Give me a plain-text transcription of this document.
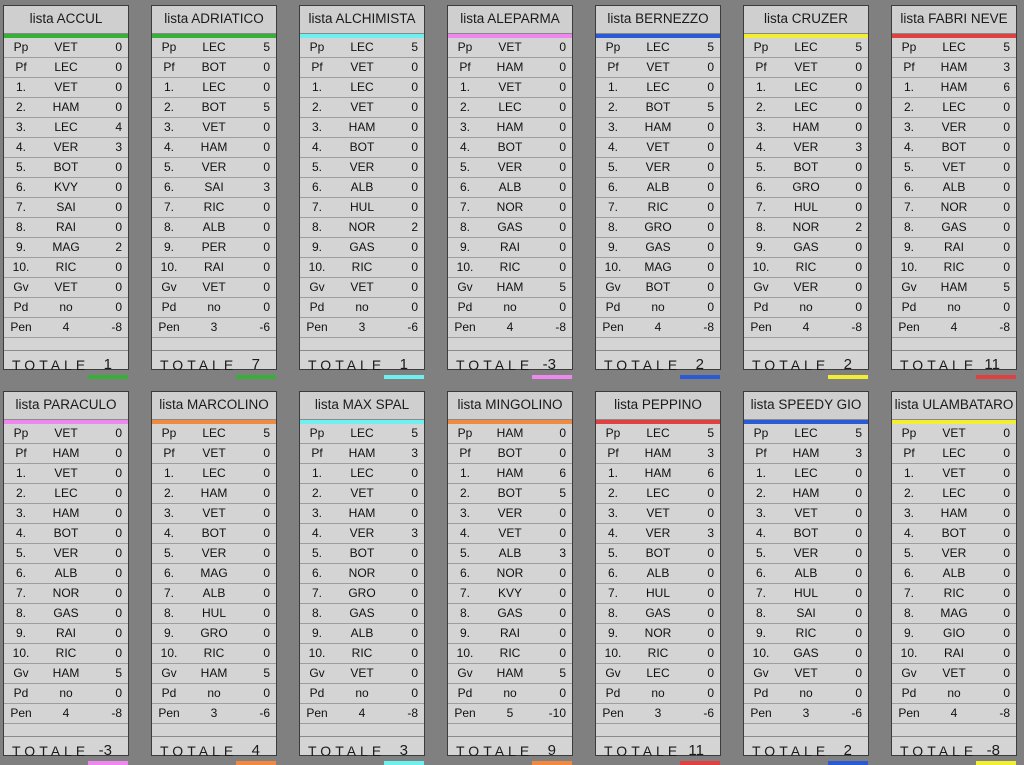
lista ACCUL
Pp	VET	0
Pf	LEC	0
1.	VET	0
2.	HAM	0
3.	LEC	4
4.	VER	3
5.	BOT	0
6.	KVY	0
7.	SAI	0
8.	RAI	0
9.	MAG	2
10.	RIC	0
Gv	VET	0
Pd	no	0
Pen	4	-8
TOTALE 1
lista ADRIATICO
Pp	LEC	5
Pf	BOT	0
1.	LEC	0
2.	BOT	5
3.	VET	0
4.	HAM	0
5.	VER	0
6.	SAI	3
7.	RIC	0
8.	ALB	0
9.	PER	0
10.	RAI	0
Gv	VET	0
Pd	no	0
Pen	3	-6
TOTALE 7
lista ALCHIMISTA
Pp	LEC	5
Pf	VET	0
1.	LEC	0
2.	VET	0
3.	HAM	0
4.	BOT	0
5.	VER	0
6.	ALB	0
7.	HUL	0
8.	NOR	2
9.	GAS	0
10.	RIC	0
Gv	VET	0
Pd	no	0
Pen	3	-6
TOTALE 1
lista ALEPARMA
Pp	VET	0
Pf	HAM	0
1.	VET	0
2.	LEC	0
3.	HAM	0
4.	BOT	0
5.	VER	0
6.	ALB	0
7.	NOR	0
8.	GAS	0
9.	RAI	0
10.	RIC	0
Gv	HAM	5
Pd	no	0
Pen	4	-8
TOTALE -3
lista BERNEZZO
Pp	LEC	5
Pf	VET	0
1.	LEC	0
2.	BOT	5
3.	HAM	0
4.	VET	0
5.	VER	0
6.	ALB	0
7.	RIC	0
8.	GRO	0
9.	GAS	0
10.	MAG	0
Gv	BOT	0
Pd	no	0
Pen	4	-8
TOTALE 2
lista CRUZER
Pp	LEC	5
Pf	VET	0
1.	LEC	0
2.	LEC	0
3.	HAM	0
4.	VER	3
5.	BOT	0
6.	GRO	0
7.	HUL	0
8.	NOR	2
9.	GAS	0
10.	RIC	0
Gv	VER	0
Pd	no	0
Pen	4	-8
TOTALE 2
lista FABRI NEVE
Pp	LEC	5
Pf	HAM	3
1.	HAM	6
2.	LEC	0
3.	VER	0
4.	BOT	0
5.	VET	0
6.	ALB	0
7.	NOR	0
8.	GAS	0
9.	RAI	0
10.	RIC	0
Gv	HAM	5
Pd	no	0
Pen	4	-8
TOTALE 11
lista PARACULO
Pp	VET	0
Pf	HAM	0
1.	VET	0
2.	LEC	0
3.	HAM	0
4.	BOT	0
5.	VER	0
6.	ALB	0
7.	NOR	0
8.	GAS	0
9.	RAI	0
10.	RIC	0
Gv	HAM	5
Pd	no	0
Pen	4	-8
TOTALE -3
lista MARCOLINO
Pp	LEC	5
Pf	VET	0
1.	LEC	0
2.	HAM	0
3.	VET	0
4.	BOT	0
5.	VER	0
6.	MAG	0
7.	ALB	0
8.	HUL	0
9.	GRO	0
10.	RIC	0
Gv	HAM	5
Pd	no	0
Pen	3	-6
TOTALE 4
lista MAX SPAL
Pp	LEC	5
Pf	HAM	3
1.	LEC	0
2.	VET	0
3.	HAM	0
4.	VER	3
5.	BOT	0
6.	NOR	0
7.	GRO	0
8.	GAS	0
9.	ALB	0
10.	RIC	0
Gv	VET	0
Pd	no	0
Pen	4	-8
TOTALE 3
lista MINGOLINO
Pp	HAM	0
Pf	BOT	0
1.	HAM	6
2.	BOT	5
3.	VER	0
4.	VET	0
5.	ALB	3
6.	NOR	0
7.	KVY	0
8.	GAS	0
9.	RAI	0
10.	RIC	0
Gv	HAM	5
Pd	no	0
Pen	5	-10
TOTALE 9
lista PEPPINO
Pp	LEC	5
Pf	HAM	3
1.	HAM	6
2.	LEC	0
3.	VET	0
4.	VER	3
5.	BOT	0
6.	ALB	0
7.	HUL	0
8.	GAS	0
9.	NOR	0
10.	RIC	0
Gv	LEC	0
Pd	no	0
Pen	3	-6
TOTALE 11
lista SPEEDY GIO
Pp	LEC	5
Pf	HAM	3
1.	LEC	0
2.	HAM	0
3.	VET	0
4.	BOT	0
5.	VER	0
6.	ALB	0
7.	HUL	0
8.	SAI	0
9.	RIC	0
10.	GAS	0
Gv	VET	0
Pd	no	0
Pen	3	-6
TOTALE 2
lista ULAMBATARO
Pp	VET	0
Pf	LEC	0
1.	VET	0
2.	LEC	0
3.	HAM	0
4.	BOT	0
5.	VER	0
6.	ALB	0
7.	RIC	0
8.	MAG	0
9.	GIO	0
10.	RAI	0
Gv	VET	0
Pd	no	0
Pen	4	-8
TOTALE -8
